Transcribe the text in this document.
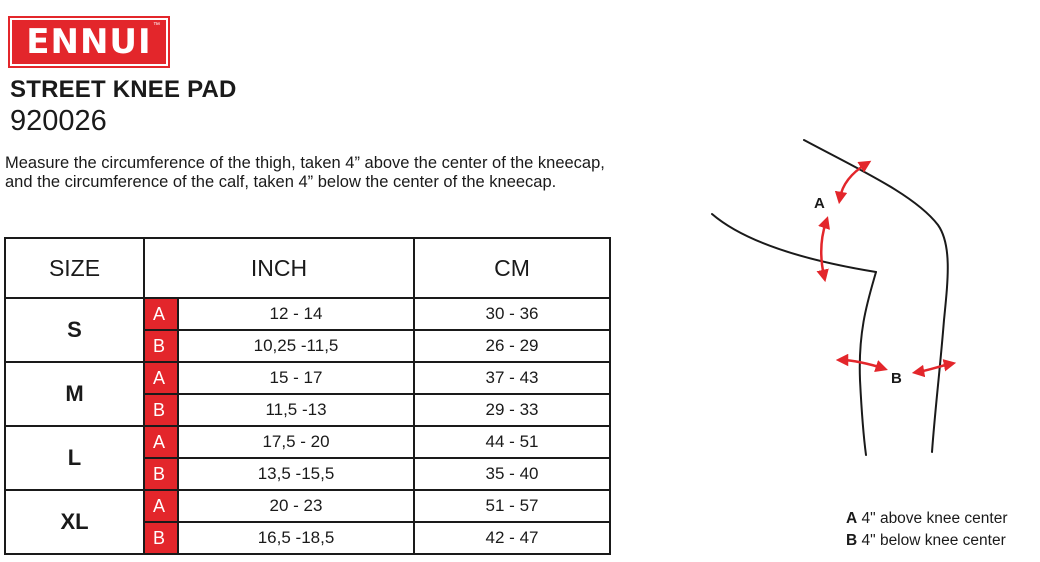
ENNUI™
STREET KNEE PAD
920026
Measure the circumference of the thigh, taken 4” above the center of the kneecap, and the circumference of the calf, taken 4” below the center of the kneecap.
SIZE	INCH		CM
S	A	12 - 14	30 - 36
	B	10,25 -11,5	26 - 29
M	A	15 - 17	37 - 43
	B	11,5 -13	29 - 33
L	A	17,5 - 20	44 - 51
	B	13,5 -15,5	35 - 40
XL	A	20 - 23	51 - 57
	B	16,5 -18,5	42 - 47
A
B
A 4" above knee center
B 4" below knee center
